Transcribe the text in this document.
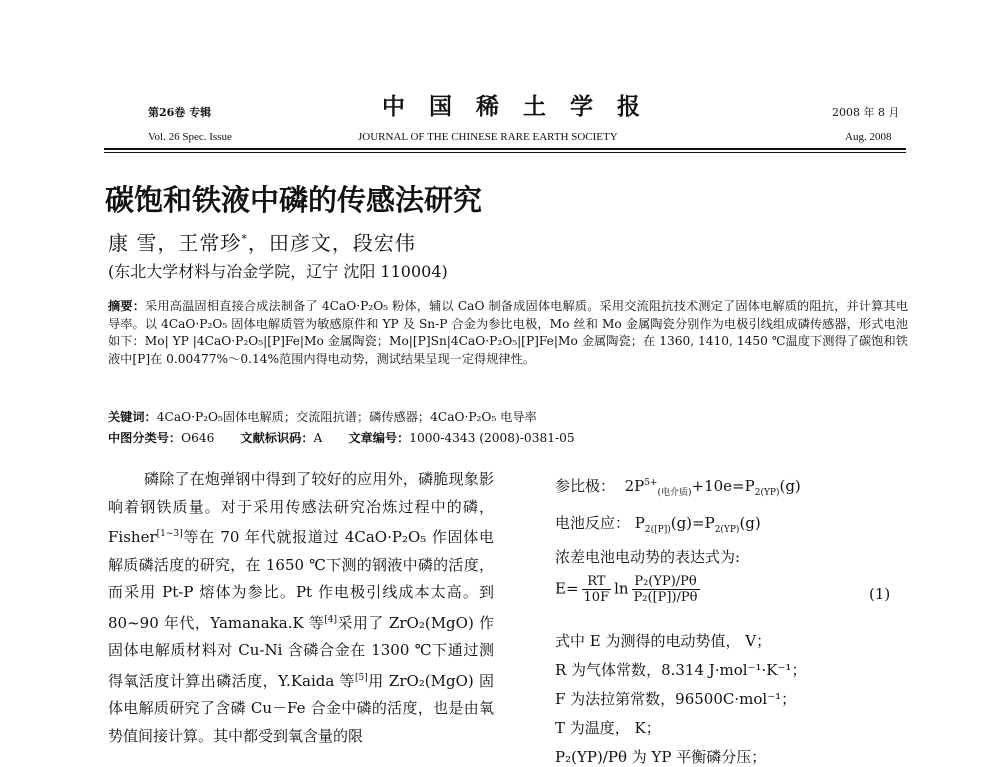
第26卷 专辑	中国稀土学报	2008 年 8 月
Vol. 26 Spec. Issue	JOURNAL OF THE CHINESE RARE EARTH SOCIETY	Aug. 2008
碳饱和铁液中磷的传感法研究
康 雪，王常珍*，田彦文，段宏伟
(东北大学材料与冶金学院，辽宁 沈阳 110004)
摘要：采用高温固相直接合成法制备了 4CaO·P₂O₅ 粉体，辅以 CaO 制备成固体电解质。采用交流阻抗技术测定了固体电解质的阻抗，并计算其电导率。以 4CaO·P₂O₅ 固体电解质管为敏感原件和 YP 及 Sn-P 合金为参比电极，Mo 丝和 Mo 金属陶瓷分别作为电极引线组成磷传感器，形式电池如下：Mo| YP |4CaO·P₂O₅|[P]Fe|Mo 金属陶瓷；Mo|[P]Sn|4CaO·P₂O₅|[P]Fe|Mo 金属陶瓷；在 1360, 1410, 1450 ℃温度下测得了碳饱和铁液中[P]在 0.00477%～0.14%范围内得电动势，测试结果呈现一定得规律性。
关键词：4CaO·P₂O₅固体电解质；交流阻抗谱；磷传感器；4CaO·P₂O₅ 电导率
中图分类号：O646 文献标识码：A 文章编号：1000-4343 (2008)-0381-05

磷除了在炮弹钢中得到了较好的应用外，磷脆现象影响着钢铁质量。对于采用传感法研究冶炼过程中的磷， Fisher[1~3]等在 70 年代就报道过 4CaO·P₂O₅ 作固体电解质磷活度的研究，在 1650 ℃下测的钢液中磷的活度，而采用 Pt-P 熔体为参比。Pt 作电极引线成本太高。到 80~90 年代，Yamanaka.K 等[4]采用了 ZrO₂(MgO) 作固体电解质材料对 Cu-Ni 含磷合金在 1300 ℃下通过测得氧活度计算出磷活度，Y.Kaida 等[5]用 ZrO₂(MgO) 固体电解质研究了含磷 Cu－Fe 合金中磷的活度，也是由氧势值间接计算。其中都受到氧含量的限

参比极： $2P^{5+}_{(电介质)}+10e=P_{2(YP)}(g)$
电池反应： $P_{2([P])}(g)=P_{2(YP)}(g)$
浓差电池电动势的表达式为:
$E= \frac{RT}{10F}$ $\ln \frac{\text{P₂(YP)/Pθ}}{\text{P₂([P])/Pθ}}$	(1)
式中 E 为测得的电动势值， V；
R 为气体常数，8.314 J·mol⁻¹·K⁻¹；
F 为法拉第常数，96500C·mol⁻¹；
T 为温度， K；
P₂(YP)/Pθ 为 YP 平衡磷分压；
